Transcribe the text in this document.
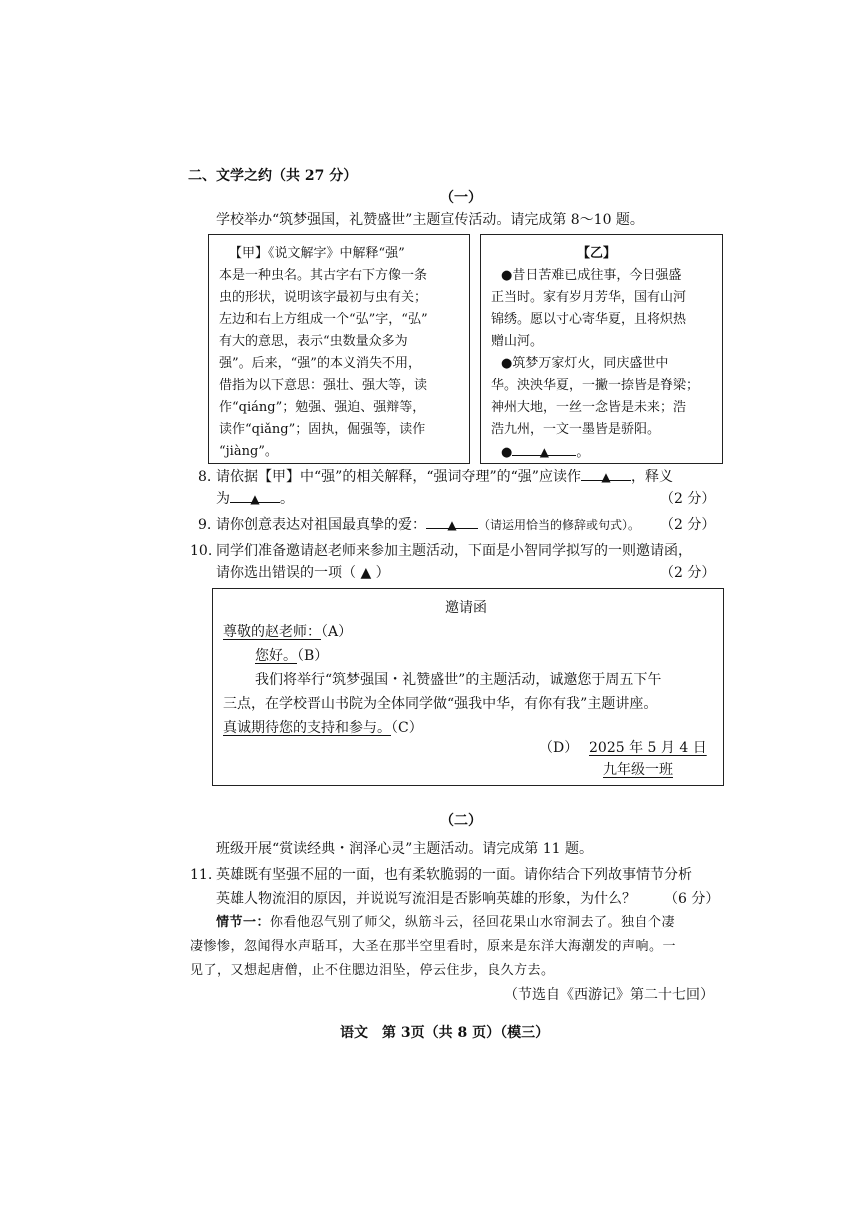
二、文学之约（共 27 分）
（一）
学校举办“筑梦强国，礼赞盛世”主题宣传活动。请完成第 8～10 题。
【甲】《说文解字》中解释“强”
本是一种虫名。其古字右下方像一条
虫的形状，说明该字最初与虫有关；
左边和右上方组成一个“弘”字，“弘”
有大的意思，表示“虫数量众多为
强”。后来，“强”的本义消失不用，
借指为以下意思：强壮、强大等，读
作“qiáng”；勉强、强迫、强辩等，
读作“qiǎng”；固执，倔强等，读作
“jiàng”。
【乙】
●昔日苦难已成往事，今日强盛
正当时。家有岁月芳华，国有山河
锦绣。愿以寸心寄华夏，且将炽热
赠山河。
●筑梦万家灯火，同庆盛世中
华。泱泱华夏，一撇一捺皆是脊梁；
神州大地，一丝一念皆是未来；浩
浩九州，一文一墨皆是骄阳。
● ▲ 。
8. 请依据【甲】中“强”的相关解释，“强词夺理”的“强”应读作 ▲ ，释义
为 ▲ 。	（2 分）
9. 请你创意表达对祖国最真挚的爱： ▲ （请运用恰当的修辞或句式）。 （2 分）
10. 同学们准备邀请赵老师来参加主题活动，下面是小智同学拟写的一则邀请函，
请你选出错误的一项（ ▲ ）	（2 分）
邀请函
尊敬的赵老师：（A）
您好。（B）
我们将举行“筑梦强国・礼赞盛世”的主题活动，诚邀您于周五下午
三点，在学校晋山书院为全体同学做“强我中华，有你有我”主题讲座。
真诚期待您的支持和参与。（C）
（D） 2025 年 5 月 4 日
九年级一班
（二）
班级开展“赏读经典・润泽心灵”主题活动。请完成第 11 题。
11. 英雄既有坚强不屈的一面，也有柔软脆弱的一面。请你结合下列故事情节分析
英雄人物流泪的原因，并说说写流泪是否影响英雄的形象，为什么？ （6 分）
情节一：你看他忍气别了师父，纵筋斗云，径回花果山水帘洞去了。独自个凄
凄惨惨，忽闻得水声聒耳，大圣在那半空里看时，原来是东洋大海潮发的声响。一
见了，又想起唐僧，止不住腮边泪坠，停云住步，良久方去。
（节选自《西游记》第二十七回）
语文　第 3页（共 8 页）（模三）
